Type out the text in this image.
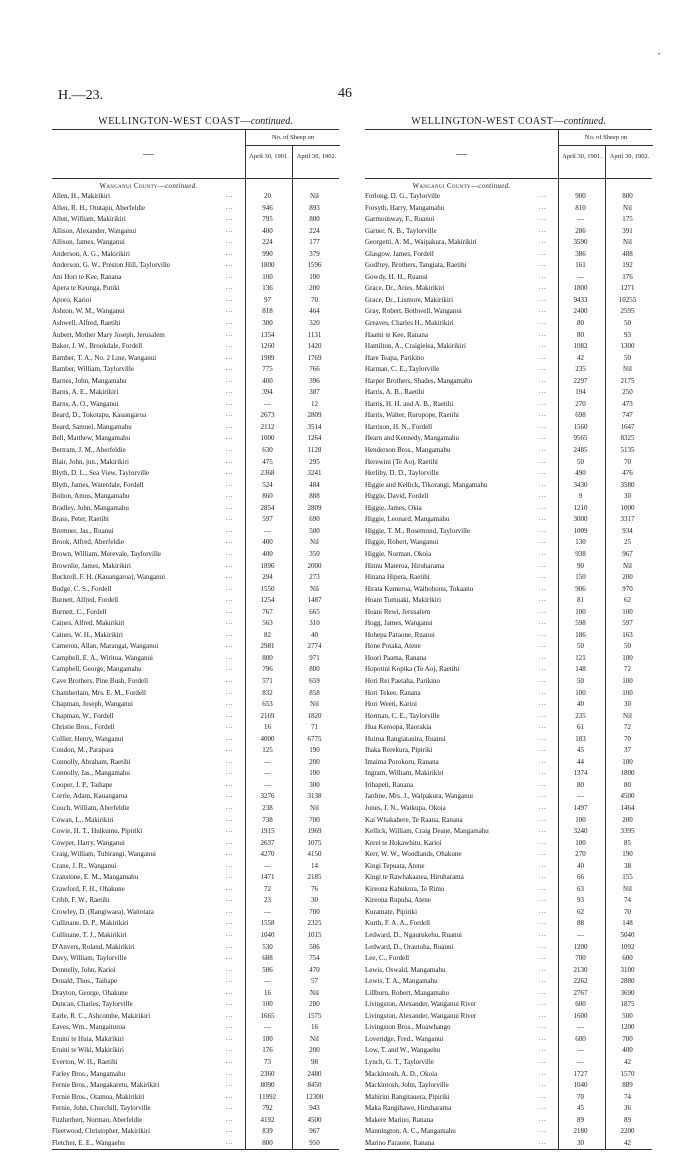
H.—23.	46
•
WELLINGTON-WEST COAST—continued.
—
No. of Sheep on
April 30, 1901.	April 30, 1902.
Wanganui County—continued.
Allen, H., Makirikiri	20	Nil
...
Allen, R. H., Otutapu, Aberfeldie	946	893
...
Allen, William, Makirikiri	795	800
...
Allison, Alexander, Wanganui	400	224
...
Allison, James, Wanganui	224	177
...
Anderson, A. G., Makirikiri	990	379
...
Anderson, G. W., Preston Hill, Taylorville	1800	1596
...
Ani Hori te Kee, Ranana	100	100
...
Apera te Keunga, Putiki	136	200
...
Aporo, Karioi	97	70
...
Ashton, W. M., Wanganui	818	464
...
Ashwell, Alfred, Raetihi	300	320
...
Aubert, Mother Mary Joseph, Jerusalem	1354	1131
...
Baker, J. W., Brookdale, Fordell	1260	1420
...
Bamber, T. A., No. 2 Line, Wanganui	1989	1769
...
Bamber, William, Taylorville	775	766
...
Barnes, John, Mangamahu	400	396
...
Barns, A. E., Makirikiri	394	387
...
Barns, A. O., Wanganui	—	12
...
Beard, D., Tokotapu, Kauangaroa	2673	2809
...
Beard, Samuel, Mangamahu	2112	3514
...
Bell, Matthew, Mangamahu	1000	1264
...
Bertram, J. M., Aberfeldie	630	1128
...
Blair, John, jun., Makirikiri	475	295
...
Blyth, D. L., Sea View, Taylorville	2368	3241
...
Blyth, James, Waterdale, Fordell	524	484
...
Bolton, Amos, Mangamahu	860	888
...
Bradley, John, Mangamahu	2854	2809
...
Brass, Peter, Raetihi	597	690
...
Bremner, Jas., Ruanui	—	500
...
Brook, Alfred, Aberfeldie	400	Nil
...
Brown, William, Merevale, Taylorville	400	350
...
Brownlie, James, Makirikiri	1896	2000
...
Buckrell, F. H. (Kauangaroa), Wanganui	294	273
...
Budge, C. S., Fordell	1550	Nil
...
Burnett, Alfred, Fordell	1254	1487
...
Burnett, C., Fordell	767	665
...
Caines, Alfred, Makirikiri	563	310
...
Caines, W. H., Makirikiri	82	40
...
Cameron, Allan, Marangai, Wanganui	2981	2774
...
Campbell, E. A., Wiritoa, Wanganui	800	971
...
Campbell, George, Mangamahu	796	800
...
Cave Brothers, Pine Bush, Fordell	571	659
...
Chamberlain, Mrs. E. M., Fordell	832	858
...
Chapman, Joseph, Wanganui	653	Nil
...
Chapman, W., Fordell	2169	1820
...
Christie Bros., Fordell	16	71
...
Collier, Henry, Wanganui	4000	6775
...
Condon, M., Parapara	125	190
...
Connolly, Abraham, Raetihi	—	200
...
Connolly, Jas., Mangamahu	—	100
...
Cooper, J. P., Taihape	—	300
...
Corrie, Adam, Kauangaroa	3276	3138
...
Couch, William, Aberfeldie	238	Nil
...
Cowan, L., Makirikiri	738	700
...
Cowie, H. T., Huikumu, Pipiriki	1915	1969
...
Cowper, Harry, Wanganui	2637	1075
...
Craig, William, Tubirangi, Wanganui	4270	4150
...
Crane, J. R., Wanganui	—	14
...
Cranstone, E. M., Mangamahu	1471	2185
...
Crawford, F. H., Ohakune	72	76
...
Cribb, F. W., Raetihi	23	30
...
Crowley, D. (Rangiwaea), Waitotara	—	700
...
Cullinane, D. P., Makirikiri	1558	2325
...
Cullinane, T. J., Makirikiri	1040	1015
...
D'Anvers, Roland, Makirikiri	530	506
...
Davy, William, Taylorville	688	754
...
Donnelly, John, Karioi	506	470
...
Donald, Thos., Taihape	—	57
...
Drayton, George, Ohakune	16	Nil
...
Duncan, Charles, Taylorville	100	280
...
Earle, R. C., Ashcombe, Makirikiri	1665	1575
...
Eaves, Wm., Mangaituroa	—	16
...
Eruini te Huia, Makirikiri	100	Nil
...
Eruini te Wiki, Makirikiri	176	200
...
Everton, W. H., Raetihi	73	98
...
Farley Bros., Mangamahu	2360	2480
...
Fernie Bros., Mangakaretu, Makirikiri	8090	8450
...
Fernie Bros., Otamoa, Makirikiri	11992	12300
...
Fernie, John, Churchill, Taylorville	792	943
...
Fitzherbert, Norman, Aberfeldie	4192	4500
...
Fleetwood, Christopher, Makirikiri	839	967
...
Fletcher, E. E., Wangaehu	800	950
...
WELLINGTON-WEST COAST—continued.
—
No. of Sheep on
April 30, 1901.	April 30, 1902.
Wanganui County—continued.
Forlong, D. G., Taylorville	900	800
...
Forsyth, Harry, Mangamahu	810	Nil
...
Garmousway, F., Ruanui	—	175
...
Garner, N. B., Taylorville	286	391
...
Georgetti, A. M., Waipakura, Makirikiri	3590	Nil
...
Glasgow, James, Fordell	386	488
...
Godfrey, Brothers, Tangiata, Raetihi	161	192
...
Gowdy, H. H., Ruanui	—	176
...
Grace, Dr., Aries, Makirikiri	1800	1271
...
Grace, Dr., Lismore, Makirikiri	9433	10255
...
Gray, Robert, Bothwell, Wanganui	2400	2595
...
Greaves, Charles H., Makirikiri	80	50
...
Haami te Kee, Ranana	80	93
...
Hamilton, A., Craigielea, Makirikiri	1082	1300
...
Hare Teapa, Parikino	42	50
...
Harman, C. E., Taylorville	235	Nil
...
Harper Brothers, Shades, Mangamahu	2297	2175
...
Harris, A. B., Raetihi	194	250
...
Harris, H. H. and A. B., Raetihi	270	473
...
Harris, Walter, Rurupope, Raetihi	698	747
...
Harrison, H. N., Fordell	1560	1647
...
Hearn and Kennedy, Mangamahu	9565	8325
...
Henderson Bros., Mangamahu	2485	5135
...
Herewini (Te Ao), Raetihi	50	70
...
Herlihy, D. D., Taylorville	490	476
...
Higgie and Kellick, Tikorangi, Mangamahu	3430	3580
...
Higgie, David, Fordell	9	30
...
Higgie, James, Okia	1210	1000
...
Higgie, Leonard, Mangamahu	3000	3317
...
Higgie, T. M., Rosemond, Taylorville	1009	934
...
Higgie, Robert, Wanganui	130	25
...
Higgie, Norman, Okoia	938	967
...
Hinnu Materoa, Hiruharama	90	Nil
...
Hinana Hipera, Raetihi	150	200
...
Hirata Kumeroa, Waihohonu, Tokaanu	906	970
...
Hoani Tumuaki, Makirikiri	81	62
...
Hoani Rewi, Jerusalem	100	100
...
Hogg, James, Wanganui	598	597
...
Hohepa Paraone, Ruanui	186	163
...
Hone Potaka, Atene	50	50
...
Hoori Paama, Ranana	121	100
...
Hopotini Kopika (Te Ao), Raetihi	148	72
...
Hori Rei Paetaha, Parikino	50	100
...
Hori Tekee, Ranana	100	100
...
Hori Weeti, Karioi	40	30
...
Horman, C. E., Taylorville	235	Nil
...
Hua Keroopa, Raorakia	61	72
...
Huirua Rangiatauira, Ruanui	183	70
...
Ihaka Rerekura, Pipiriki	45	37
...
Imaima Porokoru, Ranana	44	100
...
Ingram, William, Makirikiri	1374	1800
...
Irihapeti, Ranana	80	80
...
Jardine, Mrs. J., Waipakura, Wanganui	—	4500
...
Jones, J. N., Waikupa, Okoia	1497	1464
...
Kai Whakahere, Te Raana, Ranana	100	200
...
Kellick, William, Craig Deane, Mangamahu	3240	3395
...
Kerei te Hokawhitu, Karioi	100	85
...
Kerr, W. W., Woodlands, Ohakune	270	190
...
Kingi Tepuata, Atene	40	38
...
Kingi te Rawhakaatea, Hiruharama	66	155
...
Kireona Kahukura, Te Rimu	63	Nil
...
Kireona Rupuha, Atene	93	74
...
Kuramate, Pipiriki	62	70
...
Kurth, F. A. A., Fordell	88	148
...
Ledward, D., Ngaurukehu, Ruanui	—	5040
...
Ledward, D., Orautoha, Ruanui	1200	1092
...
Lee, C., Fordell	700	600
...
Lewis, Oswald, Mangamahu	2130	3100
...
Lewis, T. A., Mangamahu	2262	2880
...
Lillburn, Robert, Mangamahu	2767	3690
...
Livingston, Alexander, Wanganui River	600	1875
...
Livingston, Alexander, Wanganui River	1600	500
...
Livingston Bros., Moawhango	—	1200
...
Loveridge, Fred., Wanganui	600	700
...
Low, T. and W., Wangaehu	—	400
...
Lynch, G. T., Taylorville	—	42
...
Mackintosh, A. D., Okoia	1727	1570
...
Mackintosh, John, Taylorville	1040	889
...
Mahirini Rangitauera, Pipiriki	70	74
...
Maka Rangihawe, Hiruharama	45	36
...
Makere Marino, Ranana	89	89
...
Mannington, A. C., Mangamahu	2180	2200
...
Marino Paraone, Ranana	30	42
...
